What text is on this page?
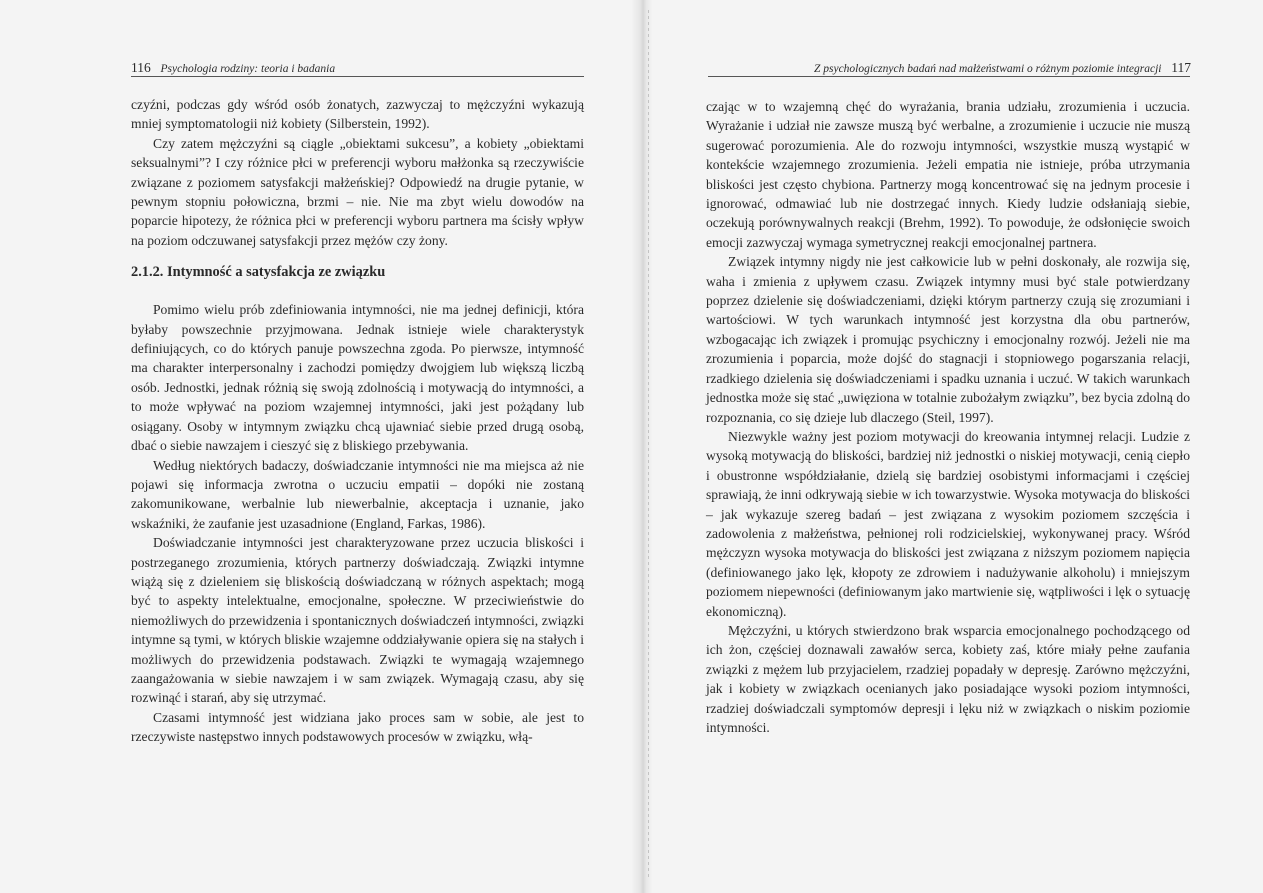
116 Psychologia rodziny: teoria i badania

czyźni, podczas gdy wśród osób żonatych, zazwyczaj to mężczyźni wykazują mniej symptomatologii niż kobiety (Silberstein, 1992).

Czy zatem mężczyźni są ciągle „obiektami sukcesu”, a kobiety „obiektami seksualnymi”? I czy różnice płci w preferencji wyboru małżonka są rzeczywiście związane z poziomem satysfakcji małżeńskiej? Odpowiedź na drugie pytanie, w pewnym stopniu połowiczna, brzmi – nie. Nie ma zbyt wielu dowodów na poparcie hipotezy, że różnica płci w preferencji wyboru partnera ma ścisły wpływ na poziom odczuwanej satysfakcji przez mężów czy żony.

2.1.2. Intymność a satysfakcja ze związku

Pomimo wielu prób zdefiniowania intymności, nie ma jednej definicji, która byłaby powszechnie przyjmowana. Jednak istnieje wiele charakterystyk definiujących, co do których panuje powszechna zgoda. Po pierwsze, intymność ma charakter interpersonalny i zachodzi pomiędzy dwojgiem lub większą liczbą osób. Jednostki, jednak różnią się swoją zdolnością i motywacją do intymności, a to może wpływać na poziom wzajemnej intymności, jaki jest pożądany lub osiągany. Osoby w intymnym związku chcą ujawniać siebie przed drugą osobą, dbać o siebie nawzajem i cieszyć się z bliskiego przebywania.

Według niektórych badaczy, doświadczanie intymności nie ma miejsca aż nie pojawi się informacja zwrotna o uczuciu empatii – dopóki nie zostaną zakomunikowane, werbalnie lub niewerbalnie, akceptacja i uznanie, jako wskaźniki, że zaufanie jest uzasadnione (England, Farkas, 1986).

Doświadczanie intymności jest charakteryzowane przez uczucia bliskości i postrzeganego zrozumienia, których partnerzy doświadczają. Związki intymne wiążą się z dzieleniem się bliskością doświadczaną w różnych aspektach; mogą być to aspekty intelektualne, emocjonalne, społeczne. W przeciwieństwie do niemożliwych do przewidzenia i spontanicznych doświadczeń intymności, związki intymne są tymi, w których bliskie wzajemne oddziaływanie opiera się na stałych i możliwych do przewidzenia podstawach. Związki te wymagają wzajemnego zaangażowania w siebie nawzajem i w sam związek. Wymagają czasu, aby się rozwinąć i starań, aby się utrzymać.

Czasami intymność jest widziana jako proces sam w sobie, ale jest to rzeczywiste następstwo innych podstawowych procesów w związku, włą-

Z psychologicznych badań nad małżeństwami o różnym poziomie integracji 117

czając w to wzajemną chęć do wyrażania, brania udziału, zrozumienia i uczucia. Wyrażanie i udział nie zawsze muszą być werbalne, a zrozumienie i uczucie nie muszą sugerować porozumienia. Ale do rozwoju intymności, wszystkie muszą wystąpić w kontekście wzajemnego zrozumienia. Jeżeli empatia nie istnieje, próba utrzymania bliskości jest często chybiona. Partnerzy mogą koncentrować się na jednym procesie i ignorować, odmawiać lub nie dostrzegać innych. Kiedy ludzie odsłaniają siebie, oczekują porównywalnych reakcji (Brehm, 1992). To powoduje, że odsłonięcie swoich emocji zazwyczaj wymaga symetrycznej reakcji emocjonalnej partnera.

Związek intymny nigdy nie jest całkowicie lub w pełni doskonały, ale rozwija się, waha i zmienia z upływem czasu. Związek intymny musi być stale potwierdzany poprzez dzielenie się doświadczeniami, dzięki którym partnerzy czują się zrozumiani i wartościowi. W tych warunkach intymność jest korzystna dla obu partnerów, wzbogacając ich związek i promując psychiczny i emocjonalny rozwój. Jeżeli nie ma zrozumienia i poparcia, może dojść do stagnacji i stopniowego pogarszania relacji, rzadkiego dzielenia się doświadczeniami i spadku uznania i uczuć. W takich warunkach jednostka może się stać „uwięziona w totalnie zubożałym związku”, bez bycia zdolną do rozpoznania, co się dzieje lub dlaczego (Steil, 1997).

Niezwykle ważny jest poziom motywacji do kreowania intymnej relacji. Ludzie z wysoką motywacją do bliskości, bardziej niż jednostki o niskiej motywacji, cenią ciepło i obustronne współdziałanie, dzielą się bardziej osobistymi informacjami i częściej sprawiają, że inni odkrywają siebie w ich towarzystwie. Wysoka motywacja do bliskości – jak wykazuje szereg badań – jest związana z wysokim poziomem szczęścia i zadowolenia z małżeństwa, pełnionej roli rodzicielskiej, wykonywanej pracy. Wśród mężczyzn wysoka motywacja do bliskości jest związana z niższym poziomem napięcia (definiowanego jako lęk, kłopoty ze zdrowiem i nadużywanie alkoholu) i mniejszym poziomem niepewności (definiowanym jako martwienie się, wątpliwości i lęk o sytuację ekonomiczną).

Mężczyźni, u których stwierdzono brak wsparcia emocjonalnego pochodzącego od ich żon, częściej doznawali zawałów serca, kobiety zaś, które miały pełne zaufania związki z mężem lub przyjacielem, rzadziej popadały w depresję. Zarówno mężczyźni, jak i kobiety w związkach ocenianych jako posiadające wysoki poziom intymności, rzadziej doświadczali symptomów depresji i lęku niż w związkach o niskim poziomie intymności.
